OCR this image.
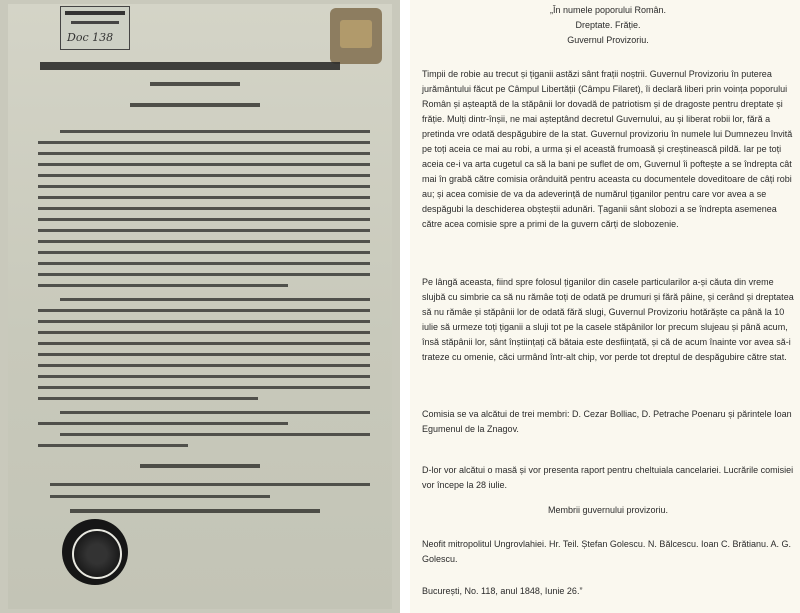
Doc 138

„În numele poporului Român.

Dreptate. Frăție.

Guvernul Provizoriu.

Timpii de robie au trecut și țiganii astăzi sânt frații noștrii. Guvernul Provizoriu în puterea jurământului făcut pe Câmpul Libertății (Câmpu Filaret), îi declară liberi prin voința poporului Român și așteaptă de la stăpânii lor dovadă de patriotism și de dragoste pentru dreptate și frăție. Mulți dintr-înșii, ne mai așteptând decretul Guvernului, au și liberat robii lor, fără a pretinda vre odată despăgubire de la stat. Guvernul provizoriu în numele lui Dumnezeu învită pe toți aceia ce mai au robi, a urma și el această frumoasă și creștinească pildă. Iar pe toți aceia ce-i va arta cugetul ca să la bani pe suflet de om, Guvernul îi poftește a se îndrepta cât mai în grabă către comisia orânduită pentru aceasta cu documentele doveditoare de câți robi au; și acea comisie de va da adeverință de numărul țiganilor pentru care vor avea a se despăgubi la deschiderea obșteștii adunări. Țaganii sânt slobozi a se îndrepta asemenea către acea comisie spre a primi de la guvern cărți de slobozenie.

Pe lângă aceasta, fiind spre folosul țiganilor din casele particularilor a-și căuta din vreme slujbă cu simbrie ca să nu rămâe toți de odată pe drumuri și fără pâine, și cerând și dreptatea să nu rămâe și stăpânii lor de odată fără slugi, Guvernul Provizoriu hotărăște ca până la 10 iulie să urmeze toți țiganii a sluji tot pe la casele stăpânilor lor precum slujeau și până acum, însă stăpânii lor, sânt înștiințați că bătaia este desființată, și că de acum înainte vor avea să-i trateze cu omenie, căci urmând într-alt chip, vor perde tot dreptul de despăgubire către stat.

Comisia se va alcătui de trei membri: D. Cezar Bolliac, D. Petrache Poenaru și părintele Ioan Egumenul de la Znagov.

D-lor vor alcătui o masă și vor presenta raport pentru cheltuiala cancelariei. Lucrările comisiei vor începe la 28 iulie.

Membrii guvernului provizoriu.

Neofit mitropolitul Ungrovlahiei. Hr. Teil. Ștefan Golescu. N. Bălcescu. Ioan C. Brătianu. A. G. Golescu.

București, No. 118, anul 1848, Iunie 26.”
